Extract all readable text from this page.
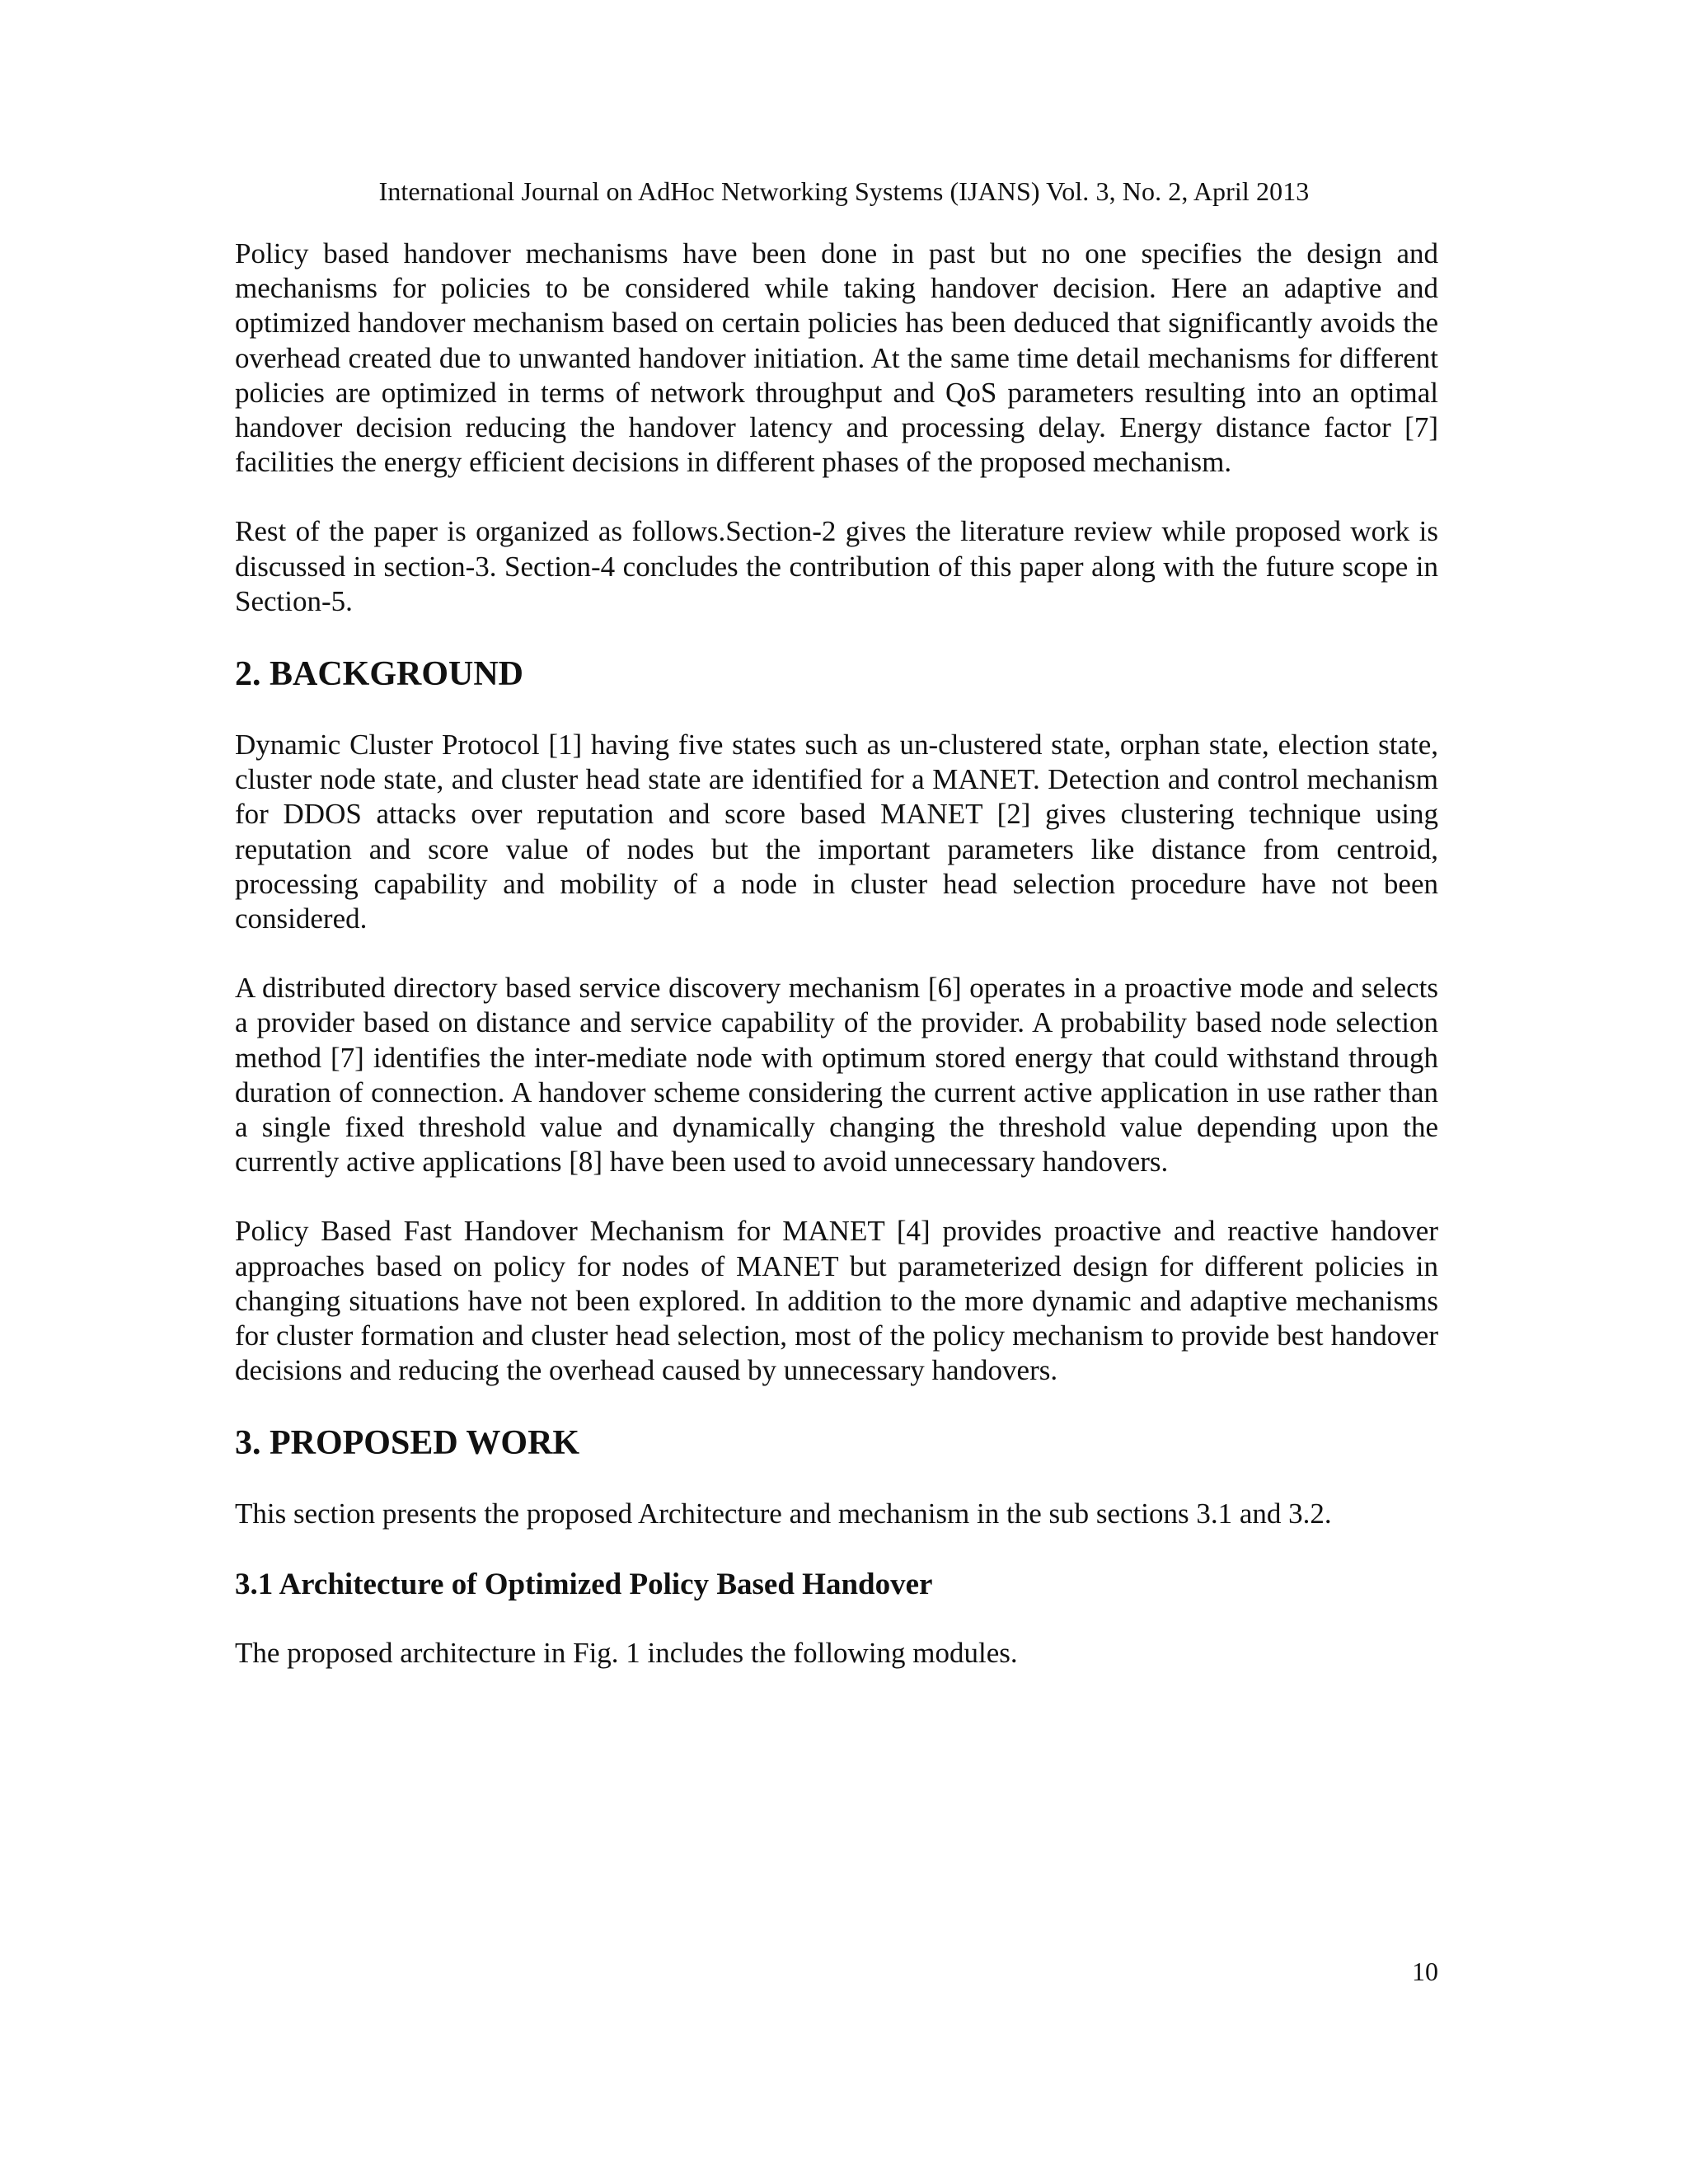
International Journal on AdHoc Networking Systems (IJANS) Vol. 3, No. 2, April 2013

Policy based handover mechanisms have been done in past but no one specifies the design and mechanisms for policies to be considered while taking handover decision. Here an adaptive and optimized handover mechanism based on certain policies has been deduced that significantly avoids the overhead created due to unwanted handover initiation. At the same time detail mechanisms for different policies are optimized in terms of network throughput and QoS parameters resulting into an optimal handover decision reducing the handover latency and processing delay. Energy distance factor [7] facilities the energy efficient decisions in different phases of the proposed mechanism.

Rest of the paper is organized as follows.Section-2 gives the literature review while proposed work is discussed in section-3. Section-4 concludes the contribution of this paper along with the future scope in Section-5.

2. BACKGROUND

Dynamic Cluster Protocol [1] having five states such as un-clustered state, orphan state, election state, cluster node state, and cluster head state are identified for a MANET. Detection and control mechanism for DDOS attacks over reputation and score based MANET [2] gives clustering technique using reputation and score value of nodes but the important parameters like distance from centroid, processing capability and mobility of a node in cluster head selection procedure have not been considered.

A distributed directory based service discovery mechanism [6] operates in a proactive mode and selects a provider based on distance and service capability of the provider. A probability based node selection method [7] identifies the inter-mediate node with optimum stored energy that could withstand through duration of connection. A handover scheme considering the current active application in use rather than a single fixed threshold value and dynamically changing the threshold value depending upon the currently active applications [8] have been used to avoid unnecessary handovers.

Policy Based Fast Handover Mechanism for MANET [4] provides proactive and reactive handover approaches based on policy for nodes of MANET but parameterized design for different policies in changing situations have not been explored. In addition to the more dynamic and adaptive mechanisms for cluster formation and cluster head selection, most of the policy mechanism to provide best handover decisions and reducing the overhead caused by unnecessary handovers.

3. PROPOSED WORK

This section presents the proposed Architecture and mechanism in the sub sections 3.1 and 3.2.

3.1 Architecture of Optimized Policy Based Handover

The proposed architecture in Fig. 1 includes the following modules.

10
